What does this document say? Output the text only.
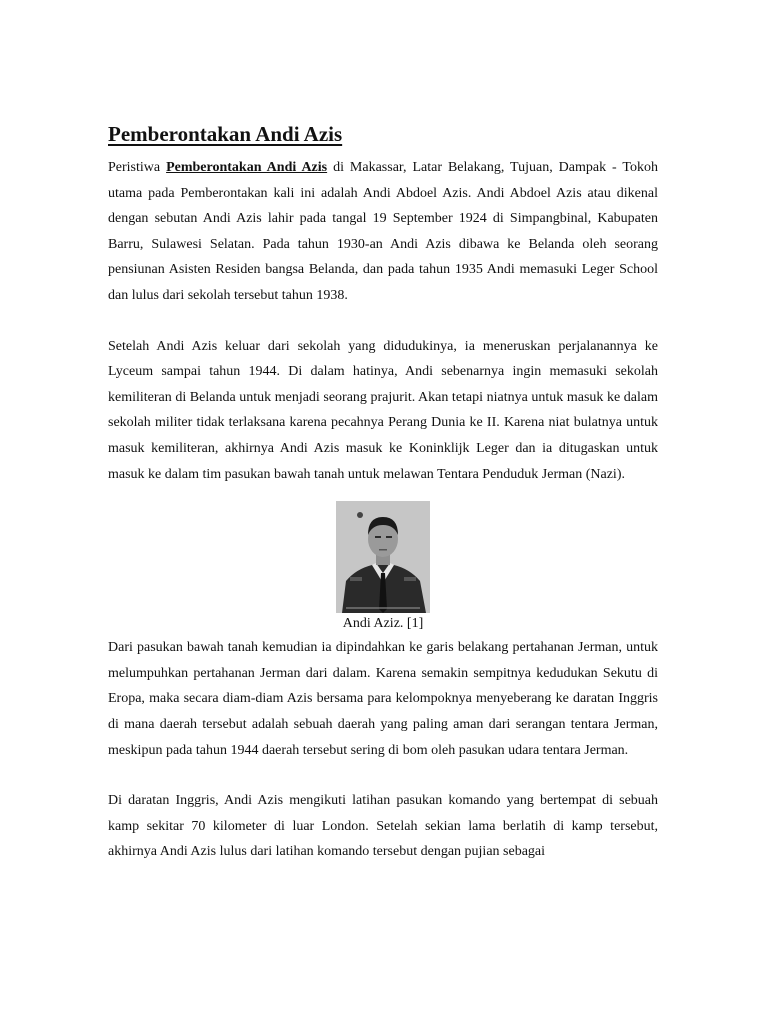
Pemberontakan Andi Azis

Peristiwa Pemberontakan Andi Azis di Makassar, Latar Belakang, Tujuan, Dampak - Tokoh utama pada Pemberontakan kali ini adalah Andi Abdoel Azis. Andi Abdoel Azis atau dikenal dengan sebutan Andi Azis lahir pada tangal 19 September 1924 di Simpangbinal, Kabupaten Barru, Sulawesi Selatan. Pada tahun 1930-an Andi Azis dibawa ke Belanda oleh seorang pensiunan Asisten Residen bangsa Belanda, dan pada tahun 1935 Andi memasuki Leger School dan lulus dari sekolah tersebut tahun 1938.

Setelah Andi Azis keluar dari sekolah yang didudukinya, ia meneruskan perjalanannya ke Lyceum sampai tahun 1944. Di dalam hatinya, Andi sebenarnya ingin memasuki sekolah kemiliteran di Belanda untuk menjadi seorang prajurit. Akan tetapi niatnya untuk masuk ke dalam sekolah militer tidak terlaksana karena pecahnya Perang Dunia ke II. Karena niat bulatnya untuk masuk kemiliteran, akhirnya Andi Azis masuk ke Koninklijk Leger dan ia ditugaskan untuk masuk ke dalam tim pasukan bawah tanah untuk melawan Tentara Penduduk Jerman (Nazi).

Andi Aziz. [1]

Dari pasukan bawah tanah kemudian ia dipindahkan ke garis belakang pertahanan Jerman, untuk melumpuhkan pertahanan Jerman dari dalam. Karena semakin sempitnya kedudukan Sekutu di Eropa, maka secara diam-diam Azis bersama para kelompoknya menyeberang ke daratan Inggris di mana daerah tersebut adalah sebuah daerah yang paling aman dari serangan tentara Jerman, meskipun pada tahun 1944 daerah tersebut sering di bom oleh pasukan udara tentara Jerman.

Di daratan Inggris, Andi Azis mengikuti latihan pasukan komando yang bertempat di sebuah kamp sekitar 70 kilometer di luar London. Setelah sekian lama berlatih di kamp tersebut, akhirnya Andi Azis lulus dari latihan komando tersebut dengan pujian sebagai
